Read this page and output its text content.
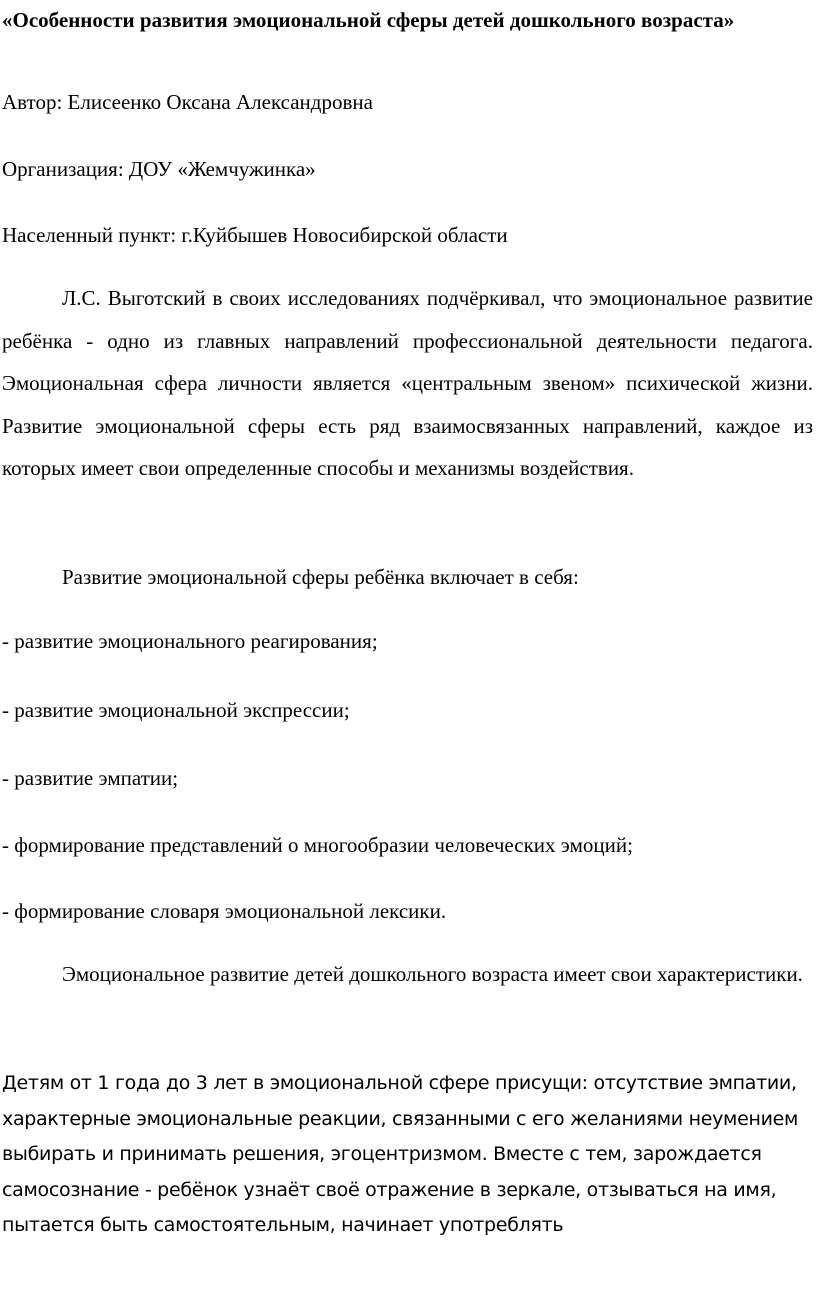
«Особенности развития эмоциональной сферы детей дошкольного возраста»

Автор: Елисеенко Оксана Александровна

Организация: ДОУ «Жемчужинка»

Населенный пункт: г.Куйбышев Новосибирской области

Л.С. Выготский в своих исследованиях подчёркивал, что эмоциональное развитие ребёнка - одно из главных направлений профессиональной деятельности педагога. Эмоциональная сфера личности является «центральным звеном» психической жизни. Развитие эмоциональной сферы есть ряд взаимосвязанных направлений, каждое из которых имеет свои определенные способы и механизмы воздействия.

Развитие эмоциональной сферы ребёнка включает в себя:

- развитие эмоционального реагирования;

- развитие эмоциональной экспрессии;

- развитие эмпатии;

- формирование представлений о многообразии человеческих эмоций;

- формирование словаря эмоциональной лексики.

Эмоциональное развитие детей дошкольного возраста имеет свои характеристики.

Детям от 1 года до 3 лет в эмоциональной сфере присущи: отсутствие эмпатии, характерные эмоциональные реакции, связанными с его желаниями неумением выбирать и принимать решения, эгоцентризмом. Вместе с тем, зарождается самосознание - ребёнок узнаёт своё отражение в зеркале, отзываться на имя, пытается быть самостоятельным, начинает употреблять
